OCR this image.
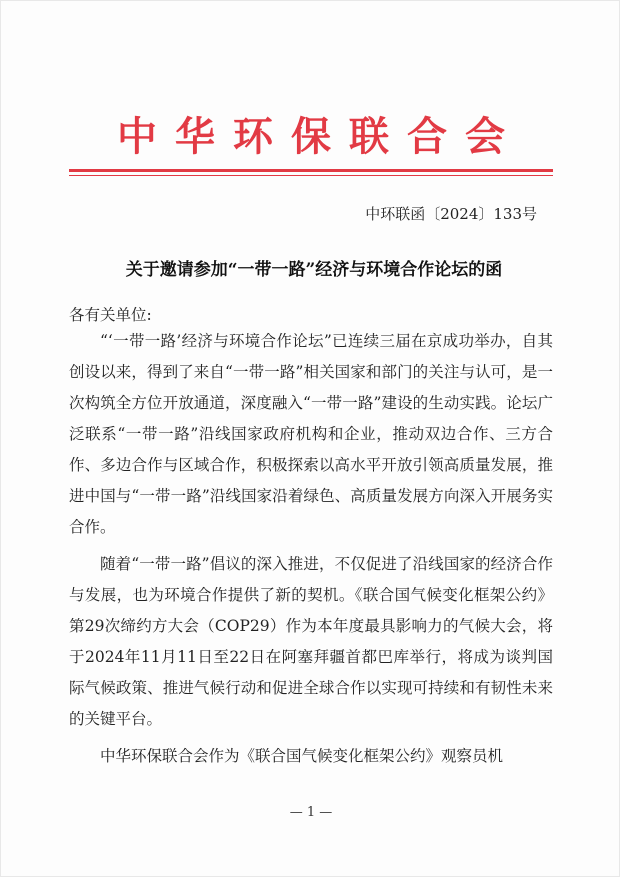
中华环保联合会
中环联函〔2024〕133号
关于邀请参加“一带一路”经济与环境合作论坛的函
各有关单位:

“‘一带一路’经济与环境合作论坛”已连续三届在京成功举办，自其创设以来，得到了来自“一带一路”相关国家和部门的关注与认可，是一次构筑全方位开放通道，深度融入“一带一路”建设的生动实践。论坛广泛联系“一带一路”沿线国家政府机构和企业，推动双边合作、三方合作、多边合作与区域合作，积极探索以高水平开放引领高质量发展，推进中国与“一带一路”沿线国家沿着绿色、高质量发展方向深入开展务实合作。

随着“一带一路”倡议的深入推进，不仅促进了沿线国家的经济合作与发展，也为环境合作提供了新的契机。《联合国气候变化框架公约》第29次缔约方大会（COP29）作为本年度最具影响力的气候大会，将于2024年11月11日至22日在阿塞拜疆首都巴库举行，将成为谈判国际气候政策、推进气候行动和促进全球合作以实现可持续和有韧性未来的关键平台。

中华环保联合会作为《联合国气候变化框架公约》观察员机

— 1 —
